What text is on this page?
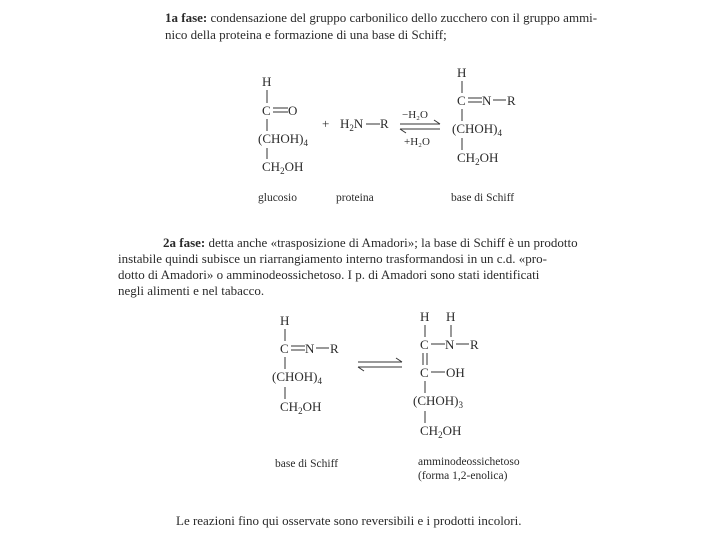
1a fase: condensazione del gruppo carbonilico dello zucchero con il gruppo ammi-
nico della proteina e formazione di una base di Schiff;
H
C O
$(CHOH)_4$
$CH_2OH$
+ $H_2N$ R
−H₂O
+H₂O
H
C N R
$(CHOH)_4$
$CH_2OH$
glucosio	proteina	base di Schiff
2a fase: detta anche «trasposizione di Amadori»; la base di Schiff è un prodotto
instabile quindi subisce un riarrangiamento interno trasformandosi in un c.d. «pro-
dotto di Amadori» o amminodeossichetoso. I p. di Amadori sono stati identificati
negli alimenti e nel tabacco.
H
C N R
$(CHOH)_4$
$CH_2OH$
H H
C N R
C OH
$(CHOH)_3$
$CH_2OH$
base di Schiff	amminodeossichetoso
(forma 1,2-enolica)
Le reazioni fino qui osservate sono reversibili e i prodotti incolori.
